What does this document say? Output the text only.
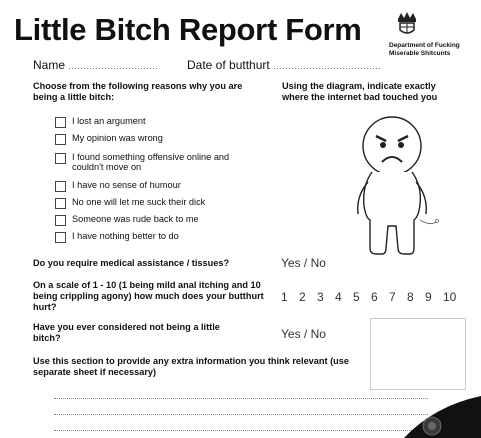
Little Bitch Report Form	Department of Fucking Miserable Shitcunts
Name .............................. Date of butthurt ....................................
Choose from the following reasons why you are being a little bitch:
I lost an argument
My opinion was wrong
I found something offensive online and couldn't move on
I have no sense of humour
No one will let me suck their dick
Someone was rude back to me
I have nothing better to do
Using the diagram, indicate exactly where the internet bad touched you
Do you require medical assistance / tissues?	Yes / No
On a scale of 1 - 10 (1 being mild anal itching and 10 being crippling agony) how much does your butthurt hurt?
1 2 3 4 5 6 7 8 9 10
Have you ever considered not being a little bitch?	Yes / No
Use this section to provide any extra information you think relevant (use separate sheet if necessary)
